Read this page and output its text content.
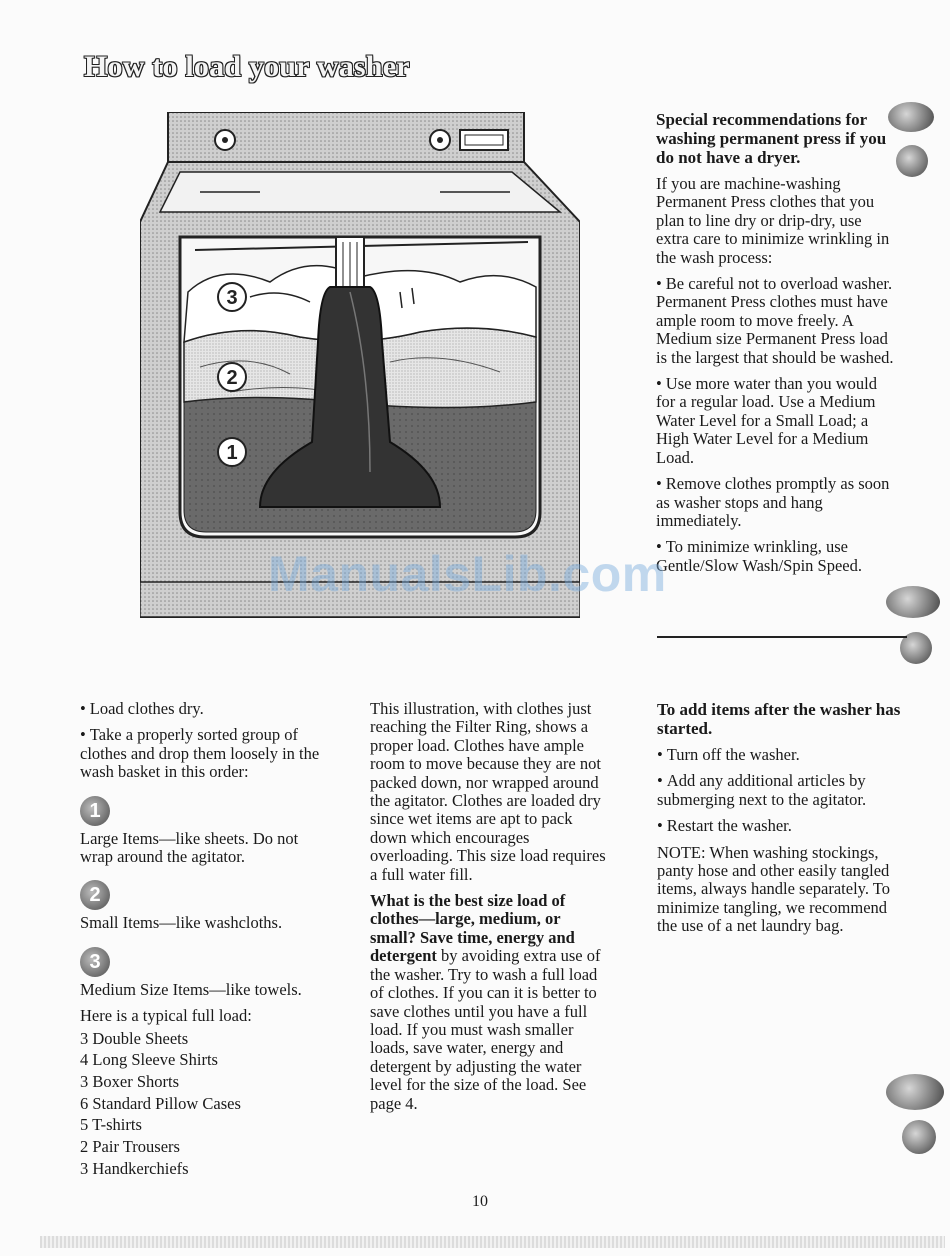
How to load your washer
3
2
1

Special recommendations for washing permanent press if you do not have a dryer.

If you are machine-washing Permanent Press clothes that you plan to line dry or drip-dry, use extra care to minimize wrinkling in the wash process:

• Be careful not to overload washer. Permanent Press clothes must have ample room to move freely. A Medium size Permanent Press load is the largest that should be washed.

• Use more water than you would for a regular load. Use a Medium Water Level for a Small Load; a High Water Level for a Medium Load.

• Remove clothes promptly as soon as washer stops and hang immediately.

• To minimize wrinkling, use Gentle/Slow Wash/Spin Speed.

• Load clothes dry.

• Take a properly sorted group of clothes and drop them loosely in the wash basket in this order:

1

Large Items—like sheets. Do not wrap around the agitator.

2

Small Items—like washcloths.

3

Medium Size Items—like towels.

Here is a typical full load:

3 Double Sheets
4 Long Sleeve Shirts
3 Boxer Shorts
6 Standard Pillow Cases
5 T-shirts
2 Pair Trousers
3 Handkerchiefs

This illustration, with clothes just reaching the Filter Ring, shows a proper load. Clothes have ample room to move because they are not packed down, nor wrapped around the agitator. Clothes are loaded dry since wet items are apt to pack down which encourages overloading. This size load requires a full water fill.

What is the best size load of clothes—large, medium, or small? Save time, energy and detergent by avoiding extra use of the washer. Try to wash a full load of clothes. If you can it is better to save clothes until you have a full load. If you must wash smaller loads, save water, energy and detergent by adjusting the water level for the size of the load. See page 4.

To add items after the washer has started.

• Turn off the washer.

• Add any additional articles by submerging next to the agitator.

• Restart the washer.

NOTE: When washing stockings, panty hose and other easily tangled items, always handle separately. To minimize tangling, we recommend the use of a net laundry bag.

ManualsLib.com
10
